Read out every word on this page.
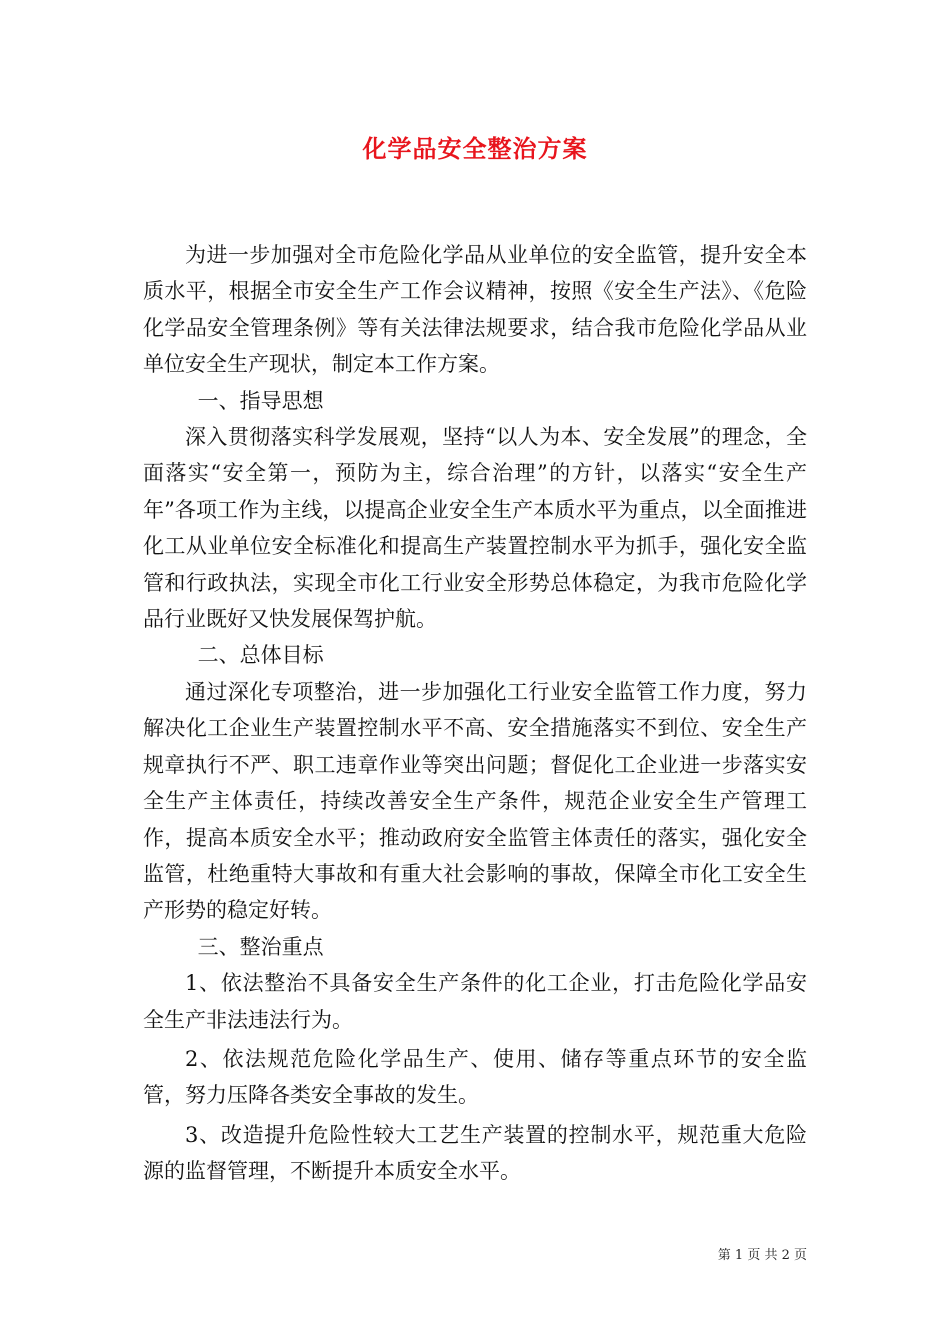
化学品安全整治方案

为进一步加强对全市危险化学品从业单位的安全监管，提升安全本质水平，根据全市安全生产工作会议精神，按照《安全生产法》、《危险化学品安全管理条例》等有关法律法规要求，结合我市危险化学品从业单位安全生产现状，制定本工作方案。

一、指导思想

深入贯彻落实科学发展观，坚持“以人为本、安全发展”的理念，全面落实“安全第一，预防为主，综合治理”的方针，以落实“安全生产年”各项工作为主线，以提高企业安全生产本质水平为重点，以全面推进化工从业单位安全标准化和提高生产装置控制水平为抓手，强化安全监管和行政执法，实现全市化工行业安全形势总体稳定，为我市危险化学品行业既好又快发展保驾护航。

二、总体目标

通过深化专项整治，进一步加强化工行业安全监管工作力度，努力解决化工企业生产装置控制水平不高、安全措施落实不到位、安全生产规章执行不严、职工违章作业等突出问题；督促化工企业进一步落实安全生产主体责任，持续改善安全生产条件，规范企业安全生产管理工作，提高本质安全水平；推动政府安全监管主体责任的落实，强化安全监管，杜绝重特大事故和有重大社会影响的事故，保障全市化工安全生产形势的稳定好转。

三、整治重点

1、依法整治不具备安全生产条件的化工企业，打击危险化学品安全生产非法违法行为。

2、依法规范危险化学品生产、使用、储存等重点环节的安全监管，努力压降各类安全事故的发生。

3、改造提升危险性较大工艺生产装置的控制水平，规范重大危险源的监督管理，不断提升本质安全水平。

第 1 页 共 2 页
